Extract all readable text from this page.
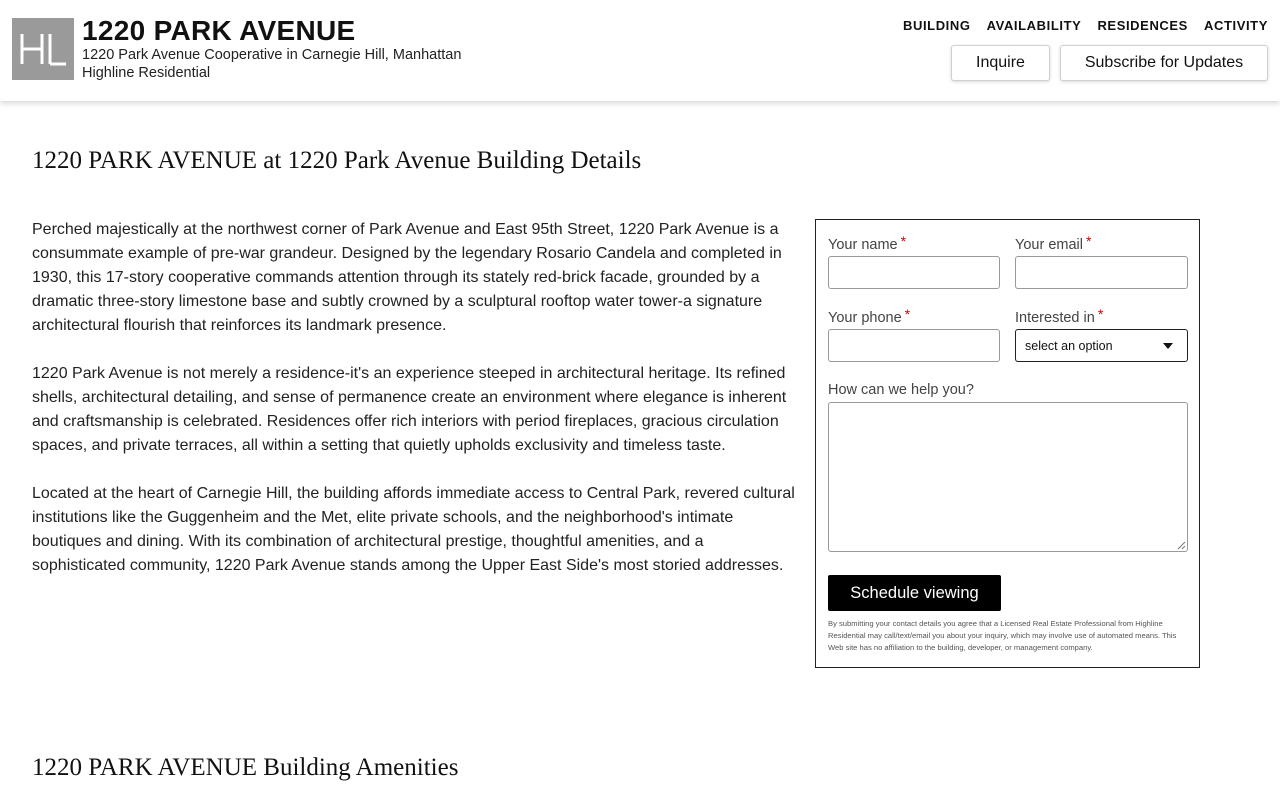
1220 PARK AVENUE
1220 Park Avenue Cooperative in Carnegie Hill, Manhattan
Highline Residential
BUILDING AVAILABILITY RESIDENCES ACTIVITY
Inquire	Subscribe for Updates
1220 PARK AVENUE at 1220 Park Avenue Building Details

Perched majestically at the northwest corner of Park Avenue and East 95th Street, 1220 Park Avenue is a consummate example of pre-war grandeur. Designed by the legendary Rosario Candela and completed in 1930, this 17-story cooperative commands attention through its stately red-brick facade, grounded by a dramatic three-story limestone base and subtly crowned by a sculptural rooftop water tower-a signature architectural flourish that reinforces its landmark presence.

1220 Park Avenue is not merely a residence-it's an experience steeped in architectural heritage. Its refined shells, architectural detailing, and sense of permanence create an environment where elegance is inherent and craftsmanship is celebrated. Residences offer rich interiors with period fireplaces, gracious circulation spaces, and private terraces, all within a setting that quietly upholds exclusivity and timeless taste.

Located at the heart of Carnegie Hill, the building affords immediate access to Central Park, revered cultural institutions like the Guggenheim and the Met, elite private schools, and the neighborhood's intimate boutiques and dining. With its combination of architectural prestige, thoughtful amenities, and a sophisticated community, 1220 Park Avenue stands among the Upper East Side's most storied addresses.

Your name *	Your email *
Your phone *	Interested in *
select an option
How can we help you?
Schedule viewing
By submitting your contact details you agree that a Licensed Real Estate Professional from Highline Residential may call/text/email you about your inquiry, which may involve use of automated means. This Web site has no affiliation to the building, developer, or management company.
1220 PARK AVENUE Building Amenities
